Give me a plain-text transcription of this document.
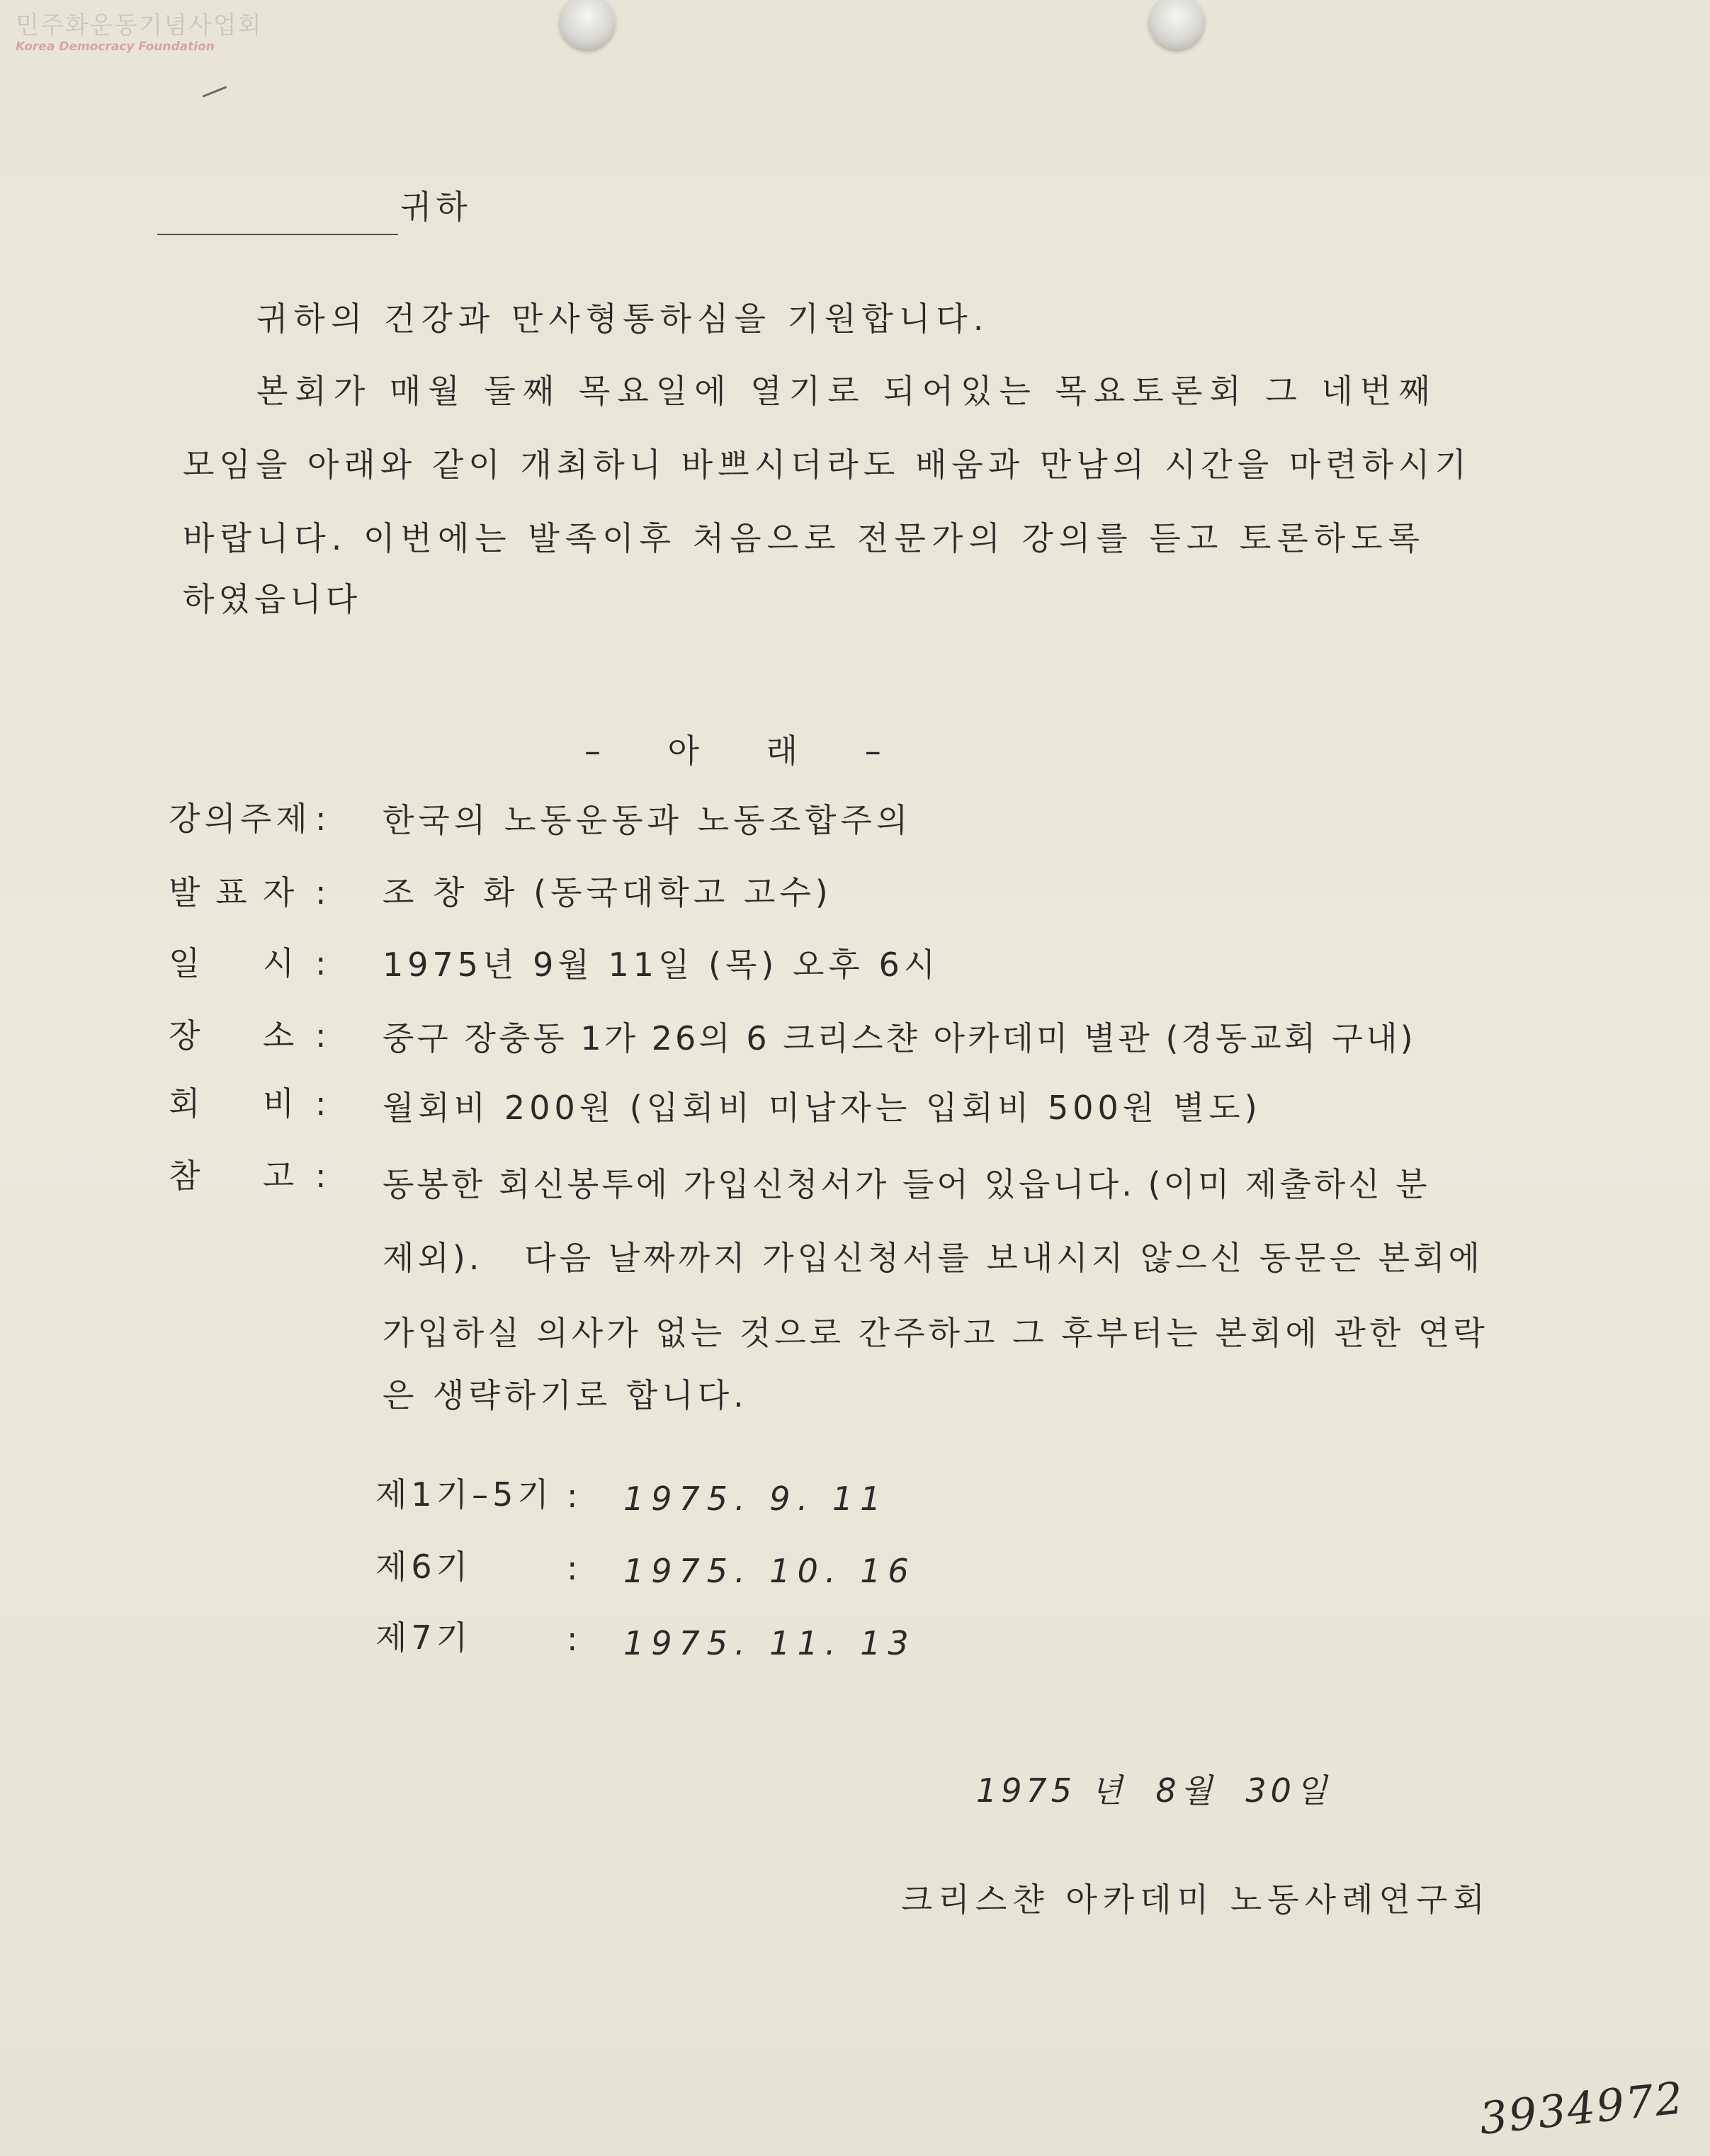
민주화운동기념사업회
Korea Democracy Foundation
귀하
귀하의 건강과 만사형통하심을 기원합니다.
본회가 매월 둘째 목요일에 열기로 되어있는 목요토론회 그 네번째
모임을 아래와 같이 개최하니 바쁘시더라도 배움과 만남의 시간을 마련하시기
바랍니다. 이번에는 발족이후 처음으로 전문가의 강의를 듣고 토론하도록
하였읍니다
– 아 래 –
강의주제 : 한국의 노동운동과 노동조합주의
발표자 : 조 창 화 (동국대학고 고수)
일    시 : 1975년 9월 11일 (목) 오후 6시
장    소 : 중구 장충동 1가 26의 6 크리스챤 아카데미 별관 (경동교회 구내)
회    비 : 월회비 200원 (입회비 미납자는 입회비 500원 별도)
참    고 : 동봉한 회신봉투에 가입신청서가 들어 있읍니다. (이미 제출하신 분
제외).   다음 날짜까지 가입신청서를 보내시지 않으신 동문은 본회에
가입하실 의사가 없는 것으로 간주하고 그 후부터는 본회에 관한 연락
은 생략하기로 합니다.
제1기–5기 : 1975. 9. 11
제6기	: 1975. 10. 16
제7기	: 1975. 11. 13
1975 년  8월  30일
크리스챤 아카데미 노동사례연구회
3934972
